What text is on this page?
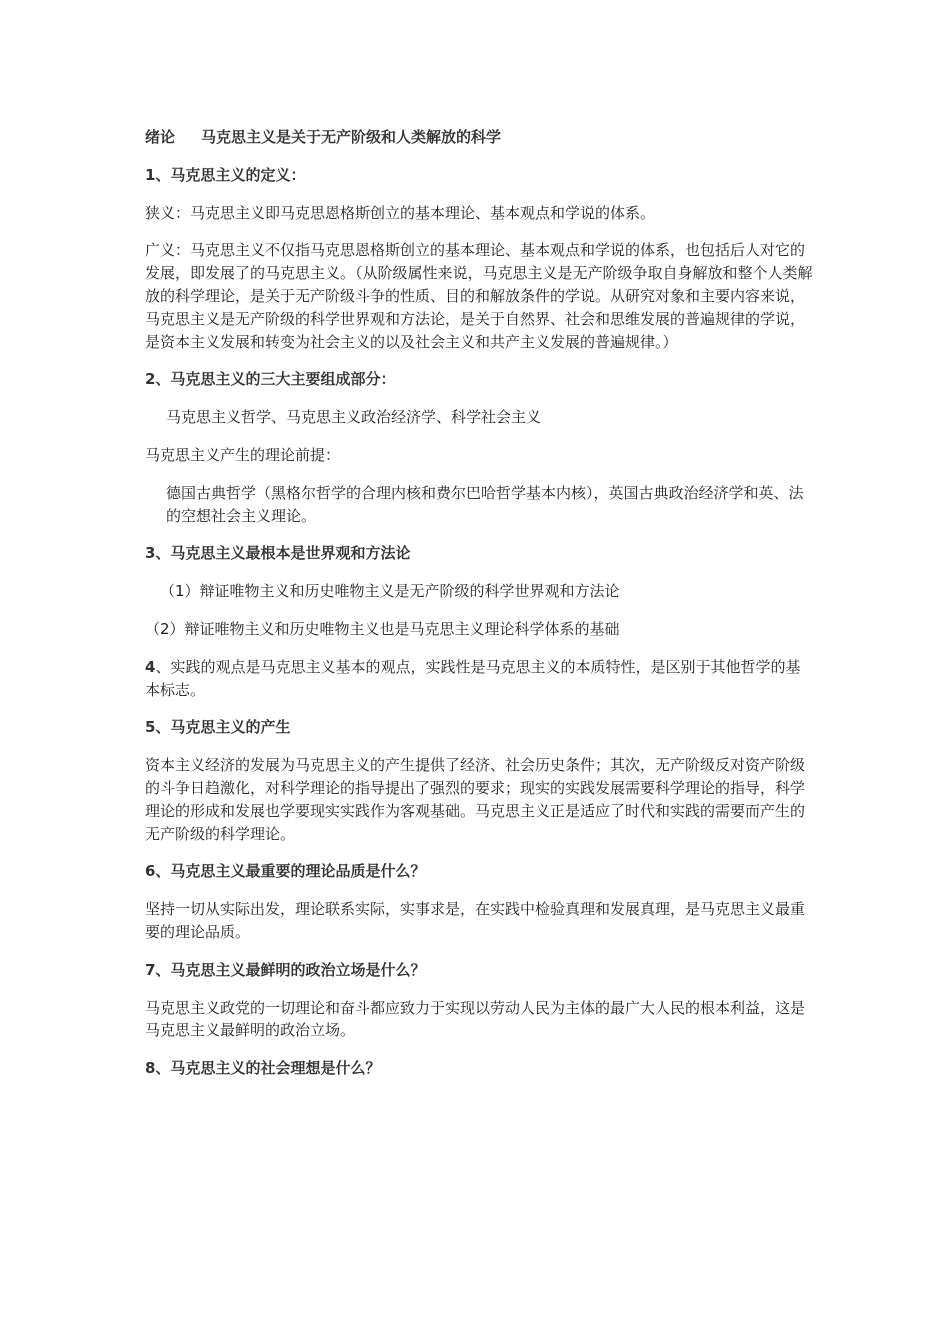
绪论 马克思主义是关于无产阶级和人类解放的科学

1、马克思主义的定义：

狭义：马克思主义即马克思恩格斯创立的基本理论、基本观点和学说的体系。

广义：马克思主义不仅指马克思恩格斯创立的基本理论、基本观点和学说的体系，也包括后人对它的发展，即发展了的马克思主义。（从阶级属性来说，马克思主义是无产阶级争取自身解放和整个人类解放的科学理论，是关于无产阶级斗争的性质、目的和解放条件的学说。从研究对象和主要内容来说，马克思主义是无产阶级的科学世界观和方法论，是关于自然界、社会和思维发展的普遍规律的学说，是资本主义发展和转变为社会主义的以及社会主义和共产主义发展的普遍规律。）

2、马克思主义的三大主要组成部分：

马克思主义哲学、马克思主义政治经济学、科学社会主义

马克思主义产生的理论前提：

德国古典哲学（黑格尔哲学的合理内核和费尔巴哈哲学基本内核），英国古典政治经济学和英、法的空想社会主义理论。

3、马克思主义最根本是世界观和方法论

（1）辩证唯物主义和历史唯物主义是无产阶级的科学世界观和方法论

（2）辩证唯物主义和历史唯物主义也是马克思主义理论科学体系的基础

4、实践的观点是马克思主义基本的观点，实践性是马克思主义的本质特性，是区别于其他哲学的基本标志。

5、马克思主义的产生

资本主义经济的发展为马克思主义的产生提供了经济、社会历史条件；其次，无产阶级反对资产阶级的斗争日趋激化，对科学理论的指导提出了强烈的要求；现实的实践发展需要科学理论的指导，科学理论的形成和发展也学要现实实践作为客观基础。马克思主义正是适应了时代和实践的需要而产生的无产阶级的科学理论。

6、马克思主义最重要的理论品质是什么？

坚持一切从实际出发，理论联系实际，实事求是，在实践中检验真理和发展真理，是马克思主义最重要的理论品质。

7、马克思主义最鲜明的政治立场是什么？

马克思主义政党的一切理论和奋斗都应致力于实现以劳动人民为主体的最广大人民的根本利益，这是马克思主义最鲜明的政治立场。

8、马克思主义的社会理想是什么？
